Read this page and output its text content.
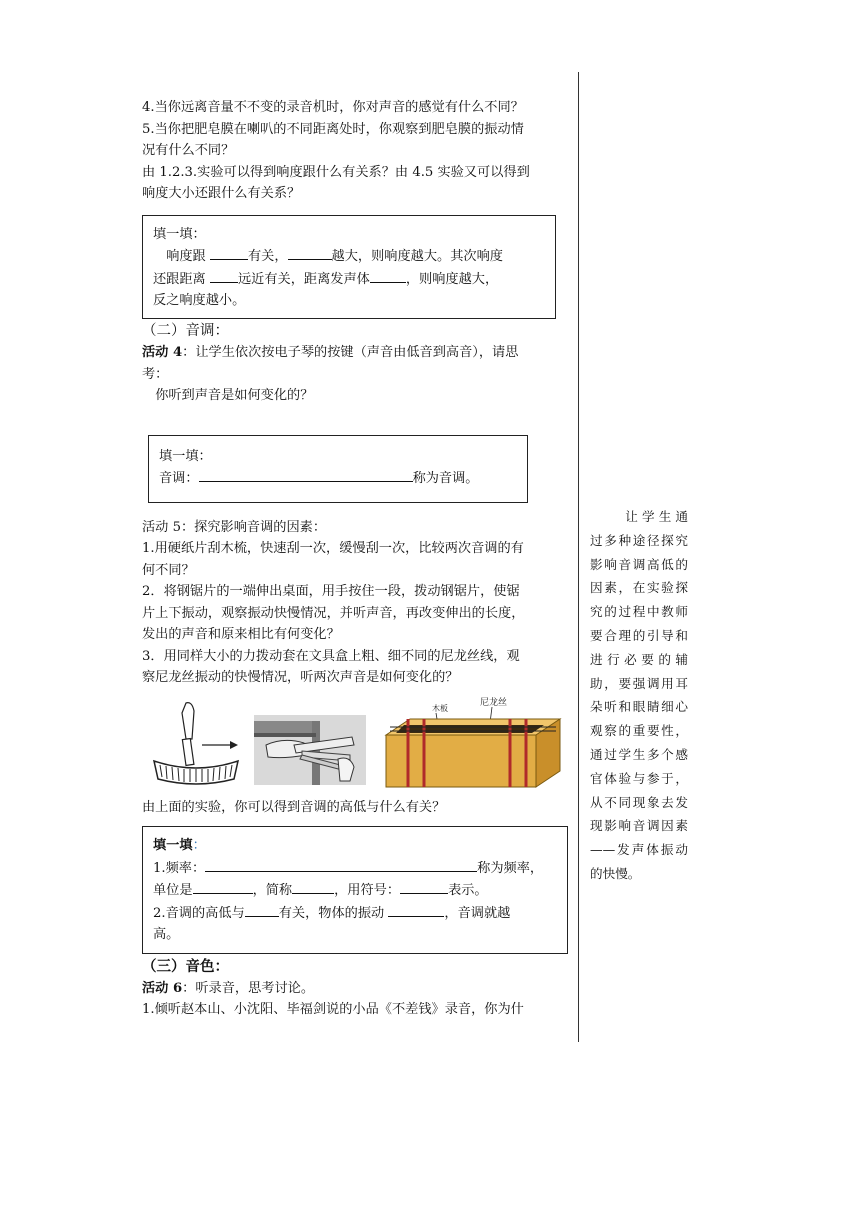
4.当你远离音量不不变的录音机时，你对声音的感觉有什么不同？

5.当你把肥皂膜在喇叭的不同距离处时，你观察到肥皂膜的振动情

况有什么不同？

由 1.2.3.实验可以得到响度跟什么有关系？由 4.5 实验又可以得到

响度大小还跟什么有关系？

填一填：

响度跟	有关，	越大，则响度越大。其次响度

还跟距离 远近有关，距离发声体	，则响度越大，

反之响度越小。

（二）音调：

活动 4：让学生依次按电子琴的按键（声音由低音到高音），请思

考：

你听到声音是如何变化的？

填一填：

音调：	称为音调。

活动 5：探究影响音调的因素：

1.用硬纸片刮木梳，快速刮一次，缓慢刮一次，比较两次音调的有

何不同？

2．将钢锯片的一端伸出桌面，用手按住一段，拨动钢锯片，使锯

片上下振动，观察振动快慢情况，并听声音，再改变伸出的长度，

发出的声音和原来相比有何变化？

3．用同样大小的力拨动套在文具盒上粗、细不同的尼龙丝线，观

察尼龙丝振动的快慢情况，听两次声音是如何变化的？

木板
尼龙丝

由上面的实验，你可以得到音调的高低与什么有关？

填一填：

1.频率：	称为频率，

单位是	，简称	，用符号：	表示。

2.音调的高低与	有关，物体的振动	，音调就越

高。

（三）音色：

活动 6：听录音，思考讨论。

1.倾听赵本山、小沈阳、毕福剑说的小品《不差钱》录音，你为什

让学生通过多种途径探究影响音调高低的因素，在实验探究的过程中教师要合理的引导和进行必要的辅助，要强调用耳朵听和眼睛细心观察的重要性，通过学生多个感官体验与参于，从不同现象去发现影响音调因素——发声体振动的快慢。
